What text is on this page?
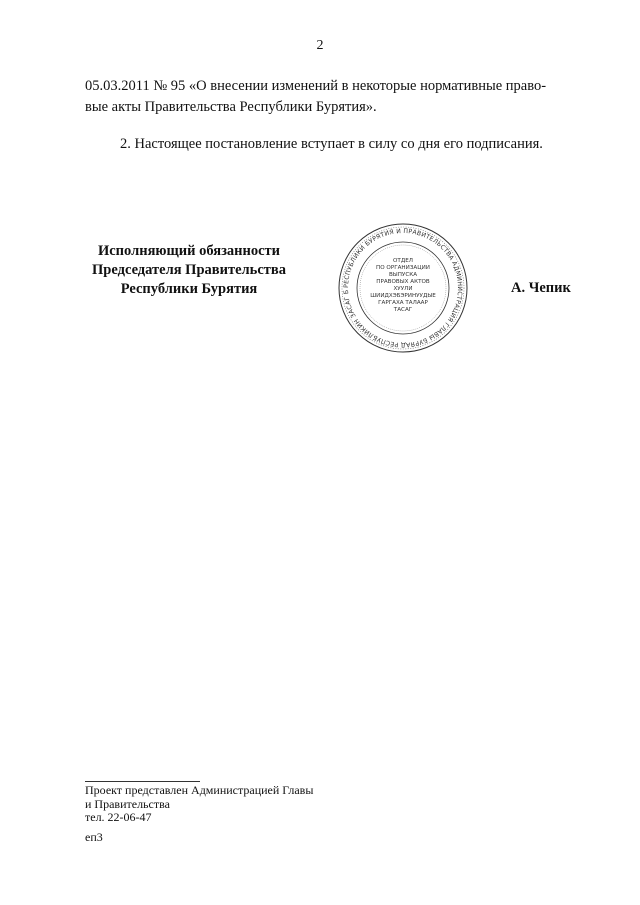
2
05.03.2011 № 95 «О внесении изменений в некоторые нормативные право-
вые акты Правительства Республики Бурятия».
2. Настоящее постановление вступает в силу со дня его подписания.
Исполняющий обязанности
Председателя Правительства
Республики Бурятия	РЕСПУБЛИКИ БУРЯТИЯ И ПРАВИТЕЛЬСТВА АДМИНИСТРАЦИЯ ГЛАВЫ БУРЯАД РЕСПУБЛИКИН ЗАСАГ Б
ОТДЕЛ
ПО ОРГАНИЗАЦИИ
ВЫПУСКА
ПРАВОВЫХ АКТОВ
ХУУЛИ
ШИИДХЭБЭРИНУУДЫЕ
ГАРГАХА ТАЛААР
ТАСАГ
А. Чепик
Проект представлен Администрацией Главы
и Правительства
тел. 22-06-47
еп3
